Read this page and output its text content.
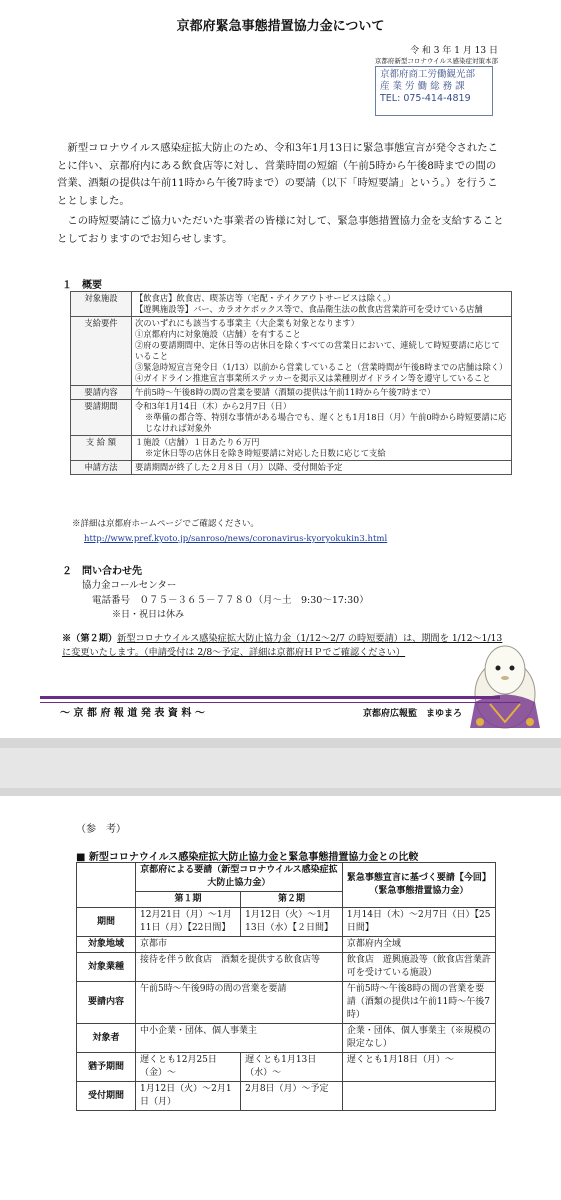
京都府緊急事態措置協力金について
令 和 3 年 1 月 13 日
京都府新型コロナウイルス感染症対策本部
京都府商工労働観光部
産 業 労 働 総 務 課
TEL: 075-414-4819
新型コロナウイルス感染症拡大防止のため、令和3年1月13日に緊急事態宣言が発令されたことに伴い、京都府内にある飲食店等に対し、営業時間の短縮（午前5時から午後8時までの間の営業、酒類の提供は午前11時から午後7時まで）の要請（以下「時短要請」という。）を行うこととしました。
この時短要請にご協力いただいた事業者の皆様に対して、緊急事態措置協力金を支給することとしておりますのでお知らせします。
１　概要
対象施設	【飲食店】飲食店、喫茶店等（宅配・テイクアウトサービスは除く。）
【遊興施設等】バー、カラオケボックス等で、食品衛生法の飲食店営業許可を受けている店舗

支給要件	次のいずれにも該当する事業主（大企業も対象となります）
①京都府内に対象施設（店舗）を有すること
②府の要請期間中、定休日等の店休日を除くすべての営業日において、連続して時短要請に応じていること
③緊急時短宣言発令日（1/13）以前から営業していること（営業時間が午後8時までの店舗は除く）
④ガイドライン推進宣言事業所ステッカーを掲示又は業種別ガイドライン等を遵守していること

要請内容	午前5時〜午後8時の間の営業を要請（酒類の提供は午前11時から午後7時まで）
要請期間	令和3年1月14日（木）から2月7日（日）
※準備の都合等、特別な事情がある場合でも、遅くとも1月18日（月）午前0時から時短要請に応じなければ対象外

支 給 額	１施設（店舗）１日あたり６万円
※定休日等の店休日を除き時短要請に対応した日数に応じて支給

申請方法	要請期間が終了した２月８日（月）以降、受付開始予定
※詳細は京都府ホームページでご確認ください。
http://www.pref.kyoto.jp/sanroso/news/coronavirus-kyoryokukin3.html
２　問い合わせ先
協力金コールセンター
電話番号　０７５－３６５－７７８０（月〜土　9:30〜17:30）
※日・祝日は休み
※（第２期）新型コロナウイルス感染症拡大防止協力金（1/12〜2/7 の時短要請）は、期間を 1/12〜1/13 に変更いたします。（申請受付は 2/8〜予定、詳細は京都府ＨＰでご確認ください）
〜 京 都 府 報 道 発 表 資 料 〜	京都府広報監　まゆまろ
（参　考）
■ 新型コロナウイルス感染症拡大防止協力金と緊急事態措置協力金との比較
	京都府による要請（新型コロナウイルス感染症拡大防止協力金）		緊急事態宣言に基づく要請【今回】（緊急事態措置協力金）
	第１期	第２期	
期間	12月21日（月）〜1月11日（月）【22日間】	1月12日（火）〜1月13日（水）【２日間】	1月14日（木）〜2月7日（日）【25日間】
対象地域	京都市		京都府内全域
対象業種	接待を伴う飲食店　酒類を提供する飲食店等		飲食店　遊興施設等（飲食店営業許可を受けている施設）
要請内容	午前5時〜午後9時の間の営業を要請		午前5時〜午後8時の間の営業を要請（酒類の提供は午前11時〜午後7時）
対象者	中小企業・団体、個人事業主		企業・団体、個人事業主（※規模の限定なし）
猶予期間	遅くとも12月25日（金）〜	遅くとも1月13日（水）〜	遅くとも1月18日（月）〜
受付期間	1月12日（火）〜2月1日（月）	2月8日（月）〜予定	
